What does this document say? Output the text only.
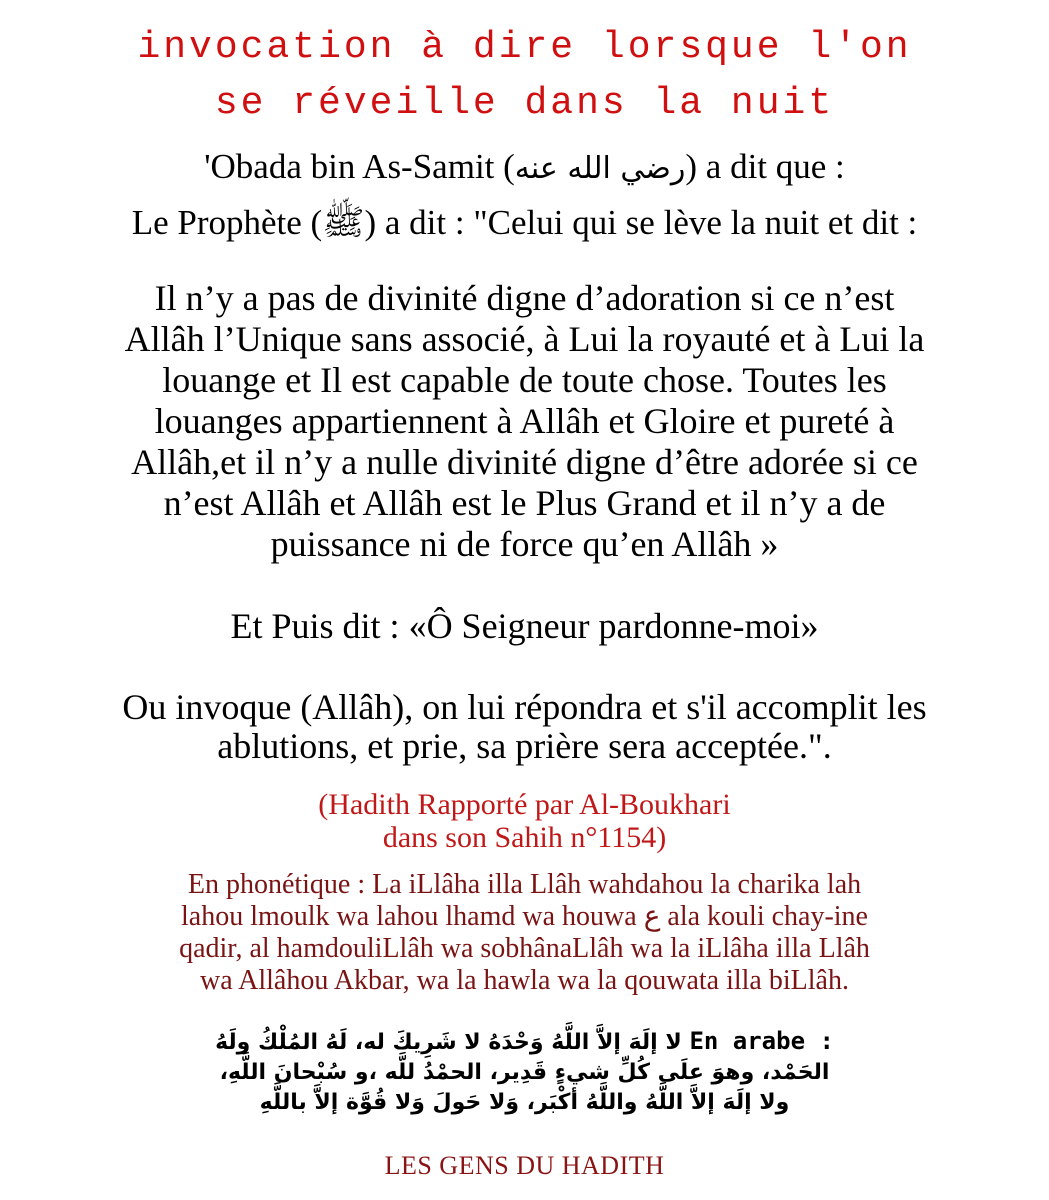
invocation à dire lorsque l'on
se réveille dans la nuit
'Obada bin As-Samit (رضي الله عنه) a dit que :
Le Prophète (ﷺ) a dit : "Celui qui se lève la nuit et dit :
Il n’y a pas de divinité digne d’adoration si ce n’est
Allâh l’Unique sans associé, à Lui la royauté et à Lui la
louange et Il est capable de toute chose. Toutes les
louanges appartiennent à Allâh et Gloire et pureté à
Allâh,et il n’y a nulle divinité digne d’être adorée si ce
n’est Allâh et Allâh est le Plus Grand et il n’y a de
puissance ni de force qu’en Allâh »
Et Puis dit : «Ô Seigneur pardonne-moi»
Ou invoque (Allâh), on lui répondra et s'il accomplit les
ablutions, et prie, sa prière sera acceptée.".
(Hadith Rapporté par Al-Boukhari
dans son Sahih n°1154)
En phonétique : La iLlâha illa Llâh wahdahou la charika lah
lahou lmoulk wa lahou lhamd wa houwa ع ala kouli chay-ine
qadir, al hamdouliLlâh wa sobhânaLlâh wa la iLlâha illa Llâh
wa Allâhou Akbar, wa la hawla wa la qouwata illa biLlâh.
En arabe : لا إلَهَ إلاَّ اللَّهُ وَحْدَهُ لا شَرِيكَ له، لَهُ المُلْكُ ولَهُ
الحَمْد، وهوَ علَى كُلِّ شيءٍ قَدِير، الحمْدُ للَّه ،و سُبْحانَ اللَّهِ،
ولا إلَهَ إلاَّ اللَّهُ واللَّهُ أكْبَر، وَلا حَولَ وَلا قُوَّة إلاَّ باللَّهِ
LES GENS DU HADITH
